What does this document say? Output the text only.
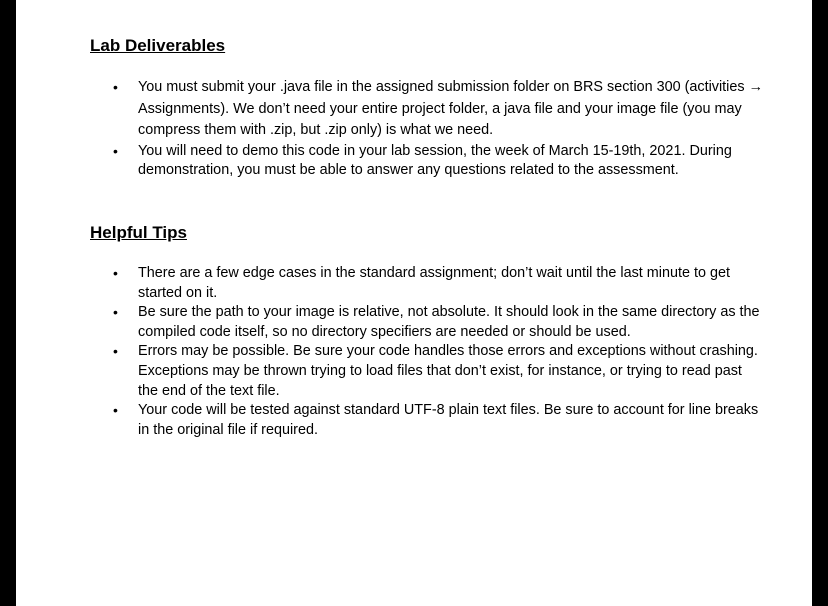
Lab Deliverables
• You must submit your .java file in the assigned submission folder on BRS section 300 (activities → Assignments). We don’t need your entire project folder, a java file and your image file (you may compress them with .zip, but .zip only) is what we need.
• You will need to demo this code in your lab session, the week of March 15-19th, 2021. During demonstration, you must be able to answer any questions related to the assessment.
Helpful Tips
• There are a few edge cases in the standard assignment; don’t wait until the last minute to get started on it.
• Be sure the path to your image is relative, not absolute. It should look in the same directory as the compiled code itself, so no directory specifiers are needed or should be used.
• Errors may be possible. Be sure your code handles those errors and exceptions without crashing. Exceptions may be thrown trying to load files that don’t exist, for instance, or trying to read past the end of the text file.
• Your code will be tested against standard UTF-8 plain text files. Be sure to account for line breaks in the original file if required.
